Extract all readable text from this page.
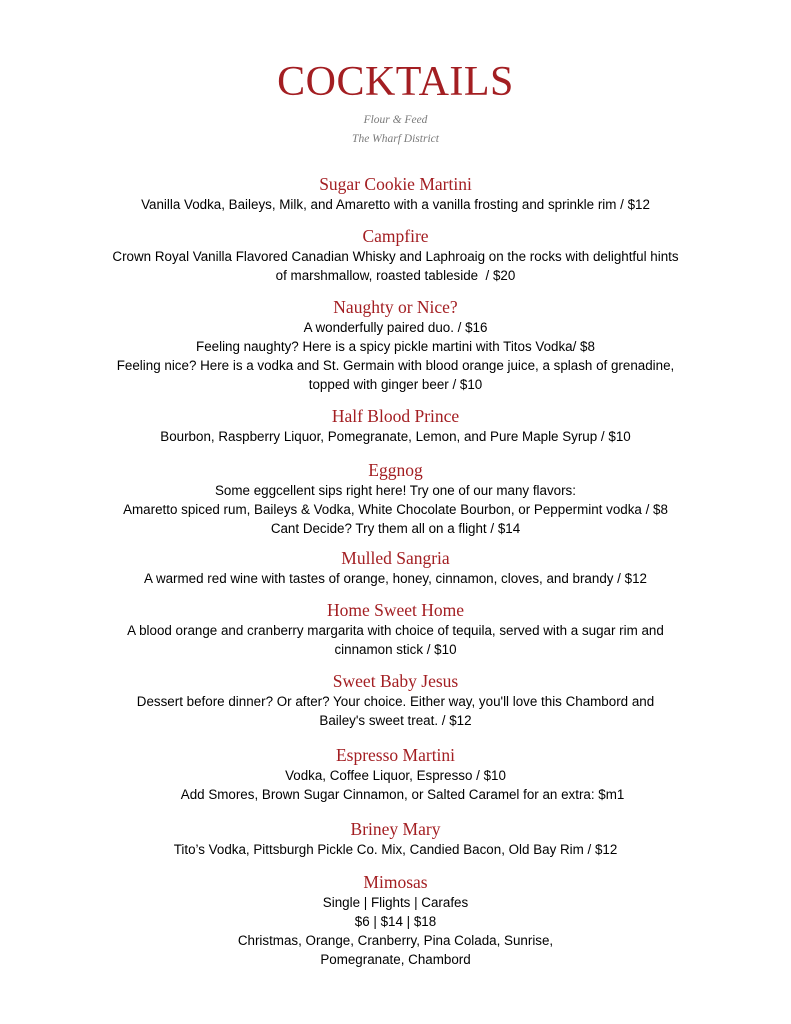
COCKTAILS
Flour & Feed
The Wharf District
Sugar Cookie Martini
Vanilla Vodka, Baileys, Milk, and Amaretto with a vanilla frosting and sprinkle rim / $12
Campfire
Crown Royal Vanilla Flavored Canadian Whisky and Laphroaig on the rocks with delightful hints
of marshmallow, roasted tableside  / $20
Naughty or Nice?
A wonderfully paired duo. / $16
Feeling naughty? Here is a spicy pickle martini with Titos Vodka/ $8
Feeling nice? Here is a vodka and St. Germain with blood orange juice, a splash of grenadine,
topped with ginger beer / $10
Half Blood Prince
Bourbon, Raspberry Liquor, Pomegranate, Lemon, and Pure Maple Syrup / $10
Eggnog
Some eggcellent sips right here! Try one of our many flavors:
Amaretto spiced rum, Baileys & Vodka, White Chocolate Bourbon, or Peppermint vodka / $8
Cant Decide? Try them all on a flight / $14
Mulled Sangria
A warmed red wine with tastes of orange, honey, cinnamon, cloves, and brandy / $12
Home Sweet Home
A blood orange and cranberry margarita with choice of tequila, served with a sugar rim and
cinnamon stick / $10
Sweet Baby Jesus
Dessert before dinner? Or after? Your choice. Either way, you'll love this Chambord and
Bailey's sweet treat. / $12
Espresso Martini
Vodka, Coffee Liquor, Espresso / $10
Add Smores, Brown Sugar Cinnamon, or Salted Caramel for an extra: $m1
Briney Mary
Tito’s Vodka, Pittsburgh Pickle Co. Mix, Candied Bacon, Old Bay Rim / $12
Mimosas
Single | Flights | Carafes
$6 | $14 | $18
Christmas, Orange, Cranberry, Pina Colada, Sunrise,
Pomegranate, Chambord
